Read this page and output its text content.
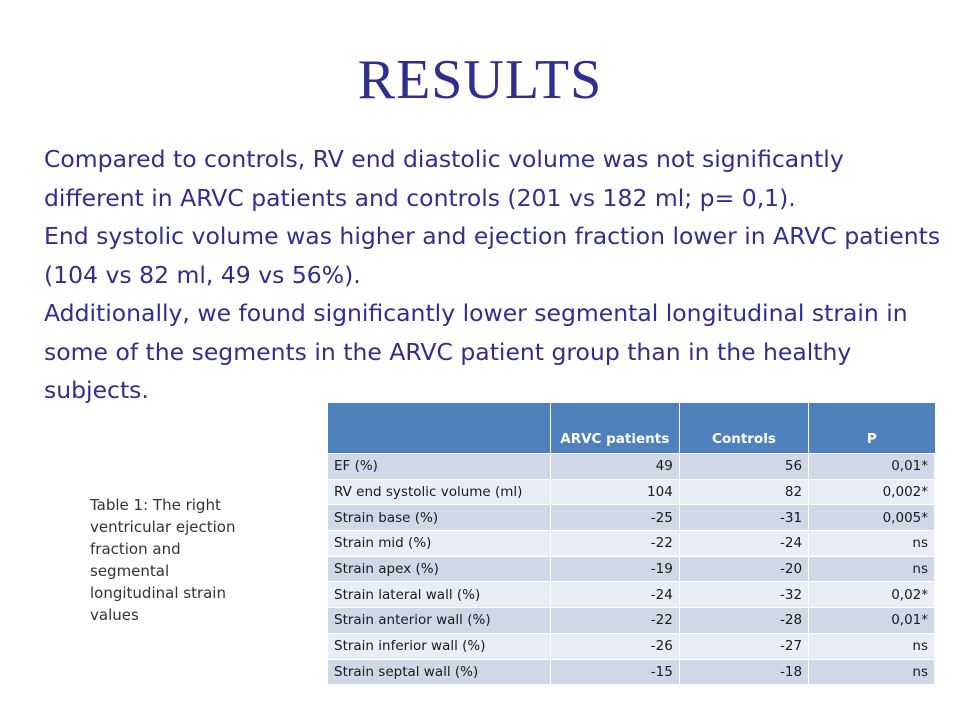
RESULTS

Compared to controls, RV end diastolic volume was not significantly different in ARVC patients and controls (201 vs 182 ml; p= 0,1).

End systolic volume was higher and ejection fraction lower in ARVC patients (104 vs 82 ml, 49 vs 56%).

Additionally, we found significantly lower segmental longitudinal strain in some of the segments in the ARVC patient group than in the healthy subjects.

Table 1: The right ventricular ejection fraction and segmental longitudinal strain values
	ARVC patients	Controls	P
EF (%)	49	56	0,01*
RV end systolic volume (ml)	104	82	0,002*
Strain base (%)	-25	-31	0,005*
Strain mid (%)	-22	-24	ns
Strain apex (%)	-19	-20	ns
Strain lateral wall (%)	-24	-32	0,02*
Strain anterior wall (%)	-22	-28	0,01*
Strain inferior wall (%)	-26	-27	ns
Strain septal wall (%)	-15	-18	ns
